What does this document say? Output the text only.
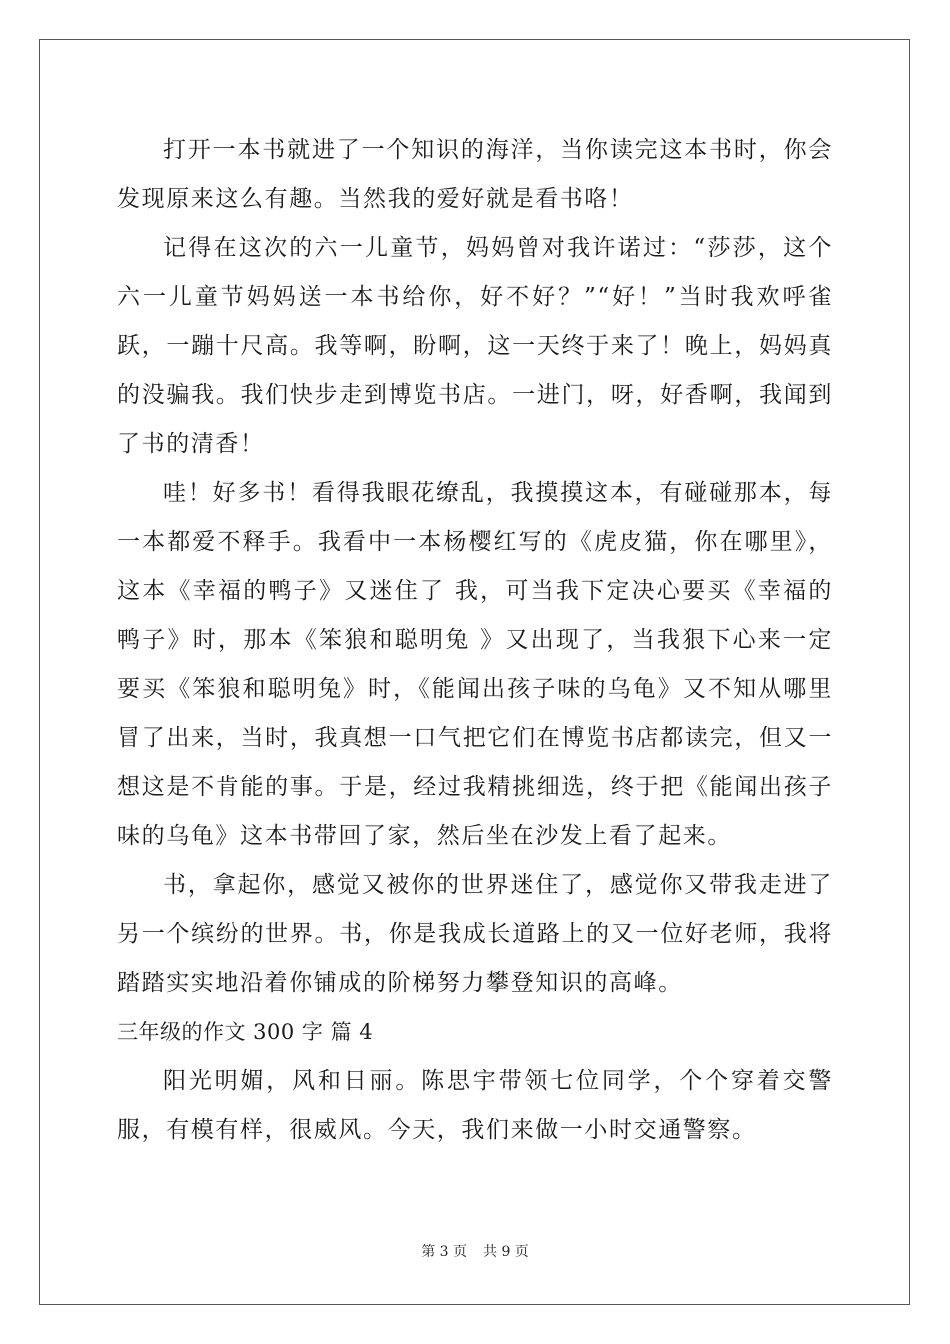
打开一本书就进了一个知识的海洋，当你读完这本书时，你会发现原来这么有趣。当然我的爱好就是看书咯！

记得在这次的六一儿童节，妈妈曾对我许诺过：“莎莎，这个六一儿童节妈妈送一本书给你，好不好？”“好！”当时我欢呼雀跃，一蹦十尺高。我等啊，盼啊，这一天终于来了！晚上，妈妈真的没骗我。我们快步走到博览书店。一进门，呀，好香啊，我闻到了书的清香！

哇！好多书！看得我眼花缭乱，我摸摸这本，有碰碰那本，每一本都爱不释手。我看中一本杨樱红写的《虎皮猫，你在哪里》，这本《幸福的鸭子》又迷住了 我，可当我下定决心要买《幸福的鸭子》时，那本《笨狼和聪明兔 》又出现了，当我狠下心来一定要买《笨狼和聪明兔》时，《能闻出孩子味的乌龟》又不知从哪里冒了出来，当时，我真想一口气把它们在博览书店都读完，但又一 想这是不肯能的事。于是，经过我精挑细选，终于把《能闻出孩子味的乌龟》这本书带回了家，然后坐在沙发上看了起来。

书，拿起你，感觉又被你的世界迷住了，感觉你又带我走进了另一个缤纷的世界。书，你是我成长道路上的又一位好老师，我将踏踏实实地沿着你铺成的阶梯努力攀登知识的高峰。

三年级的作文 300 字 篇 4

阳光明媚，风和日丽。陈思宇带领七位同学，个个穿着交警服，有模有样，很威风。今天，我们来做一小时交通警察。

第 3 页 共 9 页
